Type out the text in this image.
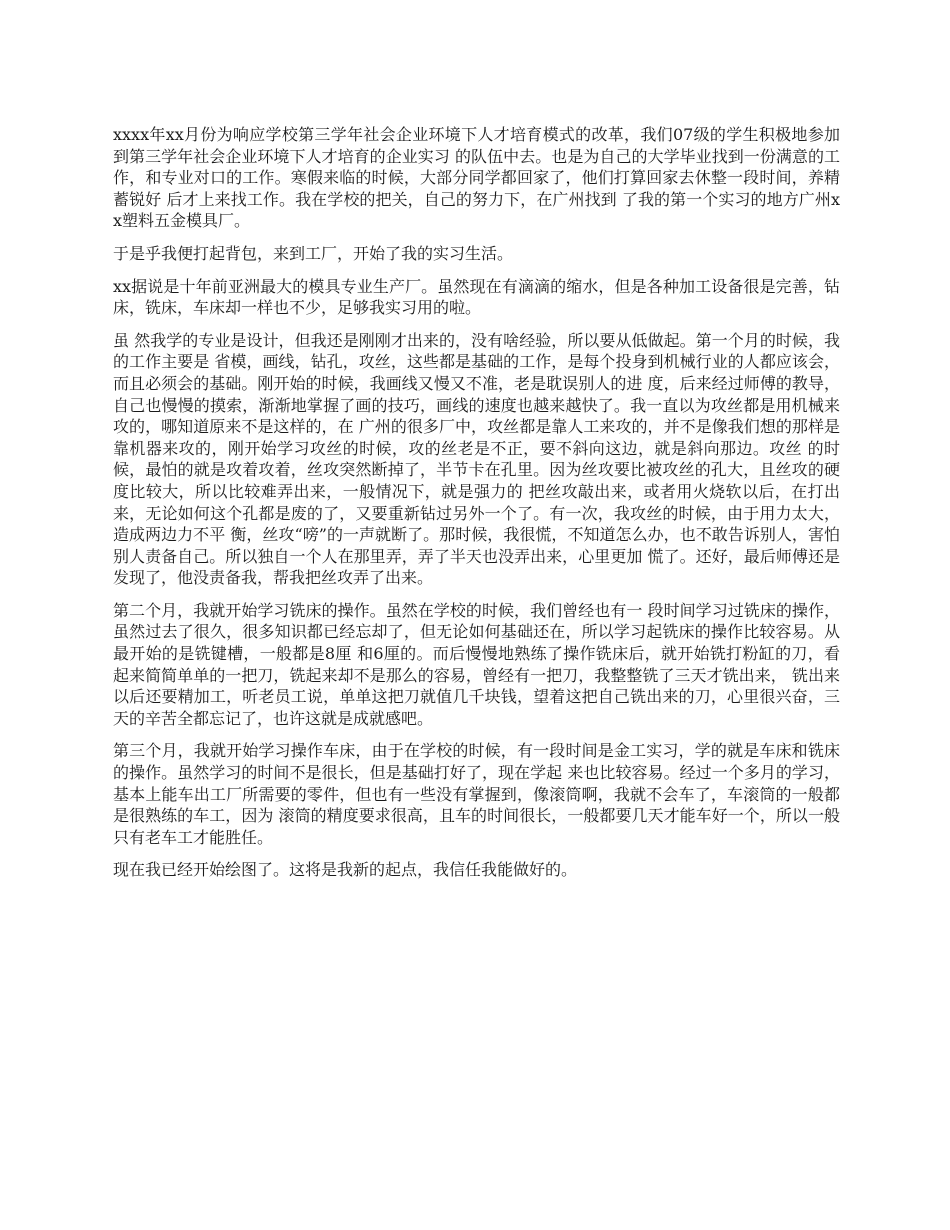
xxxx年xx月份为响应学校第三学年社会企业环境下人才培育模式的改革，我们07级的学生积极地参加到第三学年社会企业环境下人才培育的企业实习 的队伍中去。也是为自己的大学毕业找到一份满意的工作，和专业对口的工作。寒假来临的时候，大部分同学都回家了，他们打算回家去休整一段时间，养精蓄锐好 后才上来找工作。我在学校的把关，自己的努力下，在广州找到 了我的第一个实习的地方广州xx塑料五金模具厂。

于是乎我便打起背包，来到工厂，开始了我的实习生活。

xx据说是十年前亚洲最大的模具专业生产厂。虽然现在有滴滴的缩水，但是各种加工设备很是完善，钻床，铣床，车床却一样也不少，足够我实习用的啦。

虽 然我学的专业是设计，但我还是刚刚才出来的，没有啥经验，所以要从低做起。第一个月的时候，我的工作主要是 省模，画线，钻孔，攻丝，这些都是基础的工作，是每个投身到机械行业的人都应该会，而且必须会的基础。刚开始的时候，我画线又慢又不准，老是耽误别人的进 度，后来经过师傅的教导，自己也慢慢的摸索，渐渐地掌握了画的技巧，画线的速度也越来越快了。我一直以为攻丝都是用机械来攻的，哪知道原来不是这样的，在 广州的很多厂中，攻丝都是靠人工来攻的，并不是像我们想的那样是靠机器来攻的，刚开始学习攻丝的时候，攻的丝老是不正，要不斜向这边，就是斜向那边。攻丝 的时候，最怕的就是攻着攻着，丝攻突然断掉了，半节卡在孔里。因为丝攻要比被攻丝的孔大，且丝攻的硬度比较大，所以比较难弄出来，一般情况下，就是强力的 把丝攻敲出来，或者用火烧软以后，在打出来，无论如何这个孔都是废的了，又要重新钻过另外一个了。有一次，我攻丝的时候，由于用力太大，造成两边力不平 衡，丝攻“嗙”的一声就断了。那时候，我很慌，不知道怎么办，也不敢告诉别人，害怕别人责备自己。所以独自一个人在那里弄，弄了半天也没弄出来，心里更加 慌了。还好，最后师傅还是发现了，他没责备我，帮我把丝攻弄了出来。

第二个月，我就开始学习铣床的操作。虽然在学校的时候，我们曾经也有一 段时间学习过铣床的操作，虽然过去了很久，很多知识都已经忘却了，但无论如何基础还在，所以学习起铣床的操作比较容易。从最开始的是铣键槽，一般都是8厘 和6厘的。而后慢慢地熟练了操作铣床后，就开始铣打粉缸的刀，看起来简简单单的一把刀，铣起来却不是那么的容易，曾经有一把刀，我整整铣了三天才铣出来， 铣出来以后还要精加工，听老员工说，单单这把刀就值几千块钱，望着这把自己铣出来的刀，心里很兴奋，三天的辛苦全都忘记了，也许这就是成就感吧。

第三个月，我就开始学习操作车床，由于在学校的时候，有一段时间是金工实习，学的就是车床和铣床的操作。虽然学习的时间不是很长，但是基础打好了，现在学起 来也比较容易。经过一个多月的学习，基本上能车出工厂所需要的零件，但也有一些没有掌握到，像滚筒啊，我就不会车了，车滚筒的一般都是很熟练的车工，因为 滚筒的精度要求很高，且车的时间很长，一般都要几天才能车好一个，所以一般只有老车工才能胜任。

现在我已经开始绘图了。这将是我新的起点，我信任我能做好的。
